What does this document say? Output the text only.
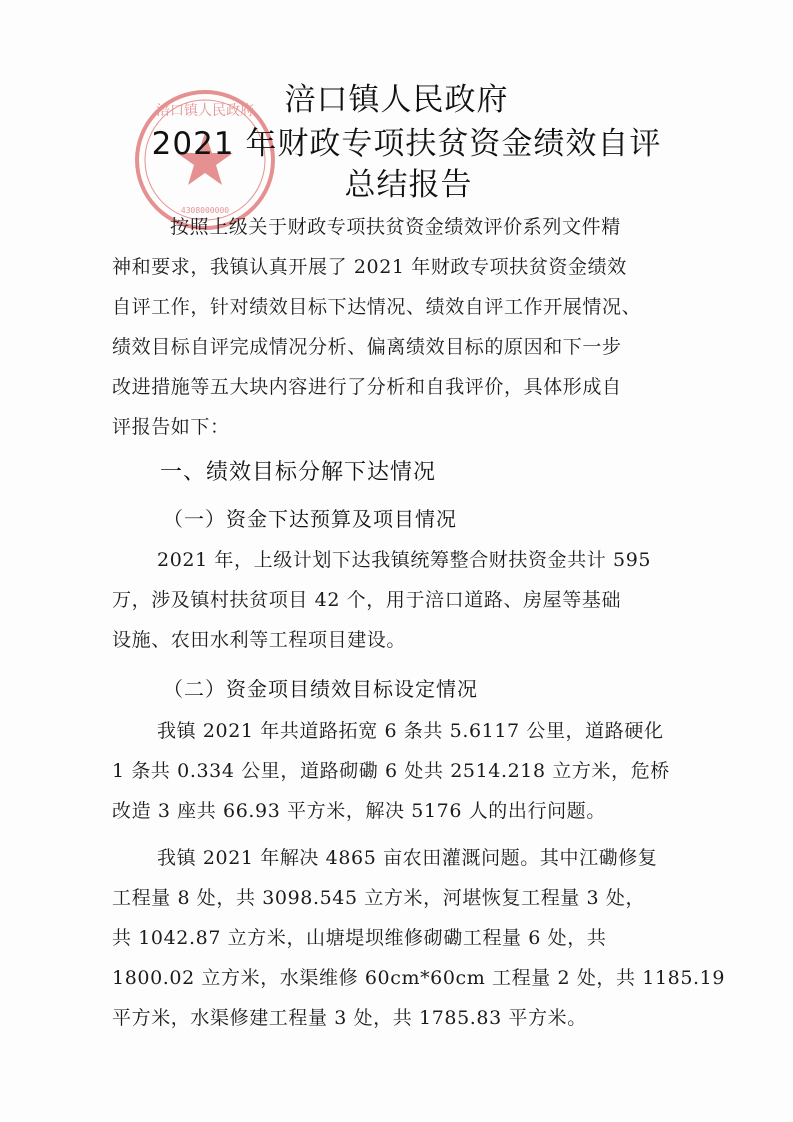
涪口镇人民政府
4308000000
涪口镇人民政府
2021 年财政专项扶贫资金绩效自评
总结报告
按照上级关于财政专项扶贫资金绩效评价系列文件精
神和要求，我镇认真开展了 2021 年财政专项扶贫资金绩效
自评工作，针对绩效目标下达情况、绩效自评工作开展情况、
绩效目标自评完成情况分析、偏离绩效目标的原因和下一步
改进措施等五大块内容进行了分析和自我评价，具体形成自
评报告如下：
一、绩效目标分解下达情况
（一）资金下达预算及项目情况
2021 年，上级计划下达我镇统筹整合财扶资金共计 595
万，涉及镇村扶贫项目 42 个，用于涪口道路、房屋等基础
设施、农田水利等工程项目建设。
（二）资金项目绩效目标设定情况
我镇 2021 年共道路拓宽 6 条共 5.6117 公里，道路硬化
1 条共 0.334 公里，道路砌磡 6 处共 2514.218 立方米，危桥
改造 3 座共 66.93 平方米，解决 5176 人的出行问题。
我镇 2021 年解决 4865 亩农田灌溉问题。其中江磡修复
工程量 8 处，共 3098.545 立方米，河堪恢复工程量 3 处，
共 1042.87 立方米，山塘堤坝维修砌磡工程量 6 处，共
1800.02 立方米，水渠维修 60cm*60cm 工程量 2 处，共 1185.19
平方米，水渠修建工程量 3 处，共 1785.83 平方米。
